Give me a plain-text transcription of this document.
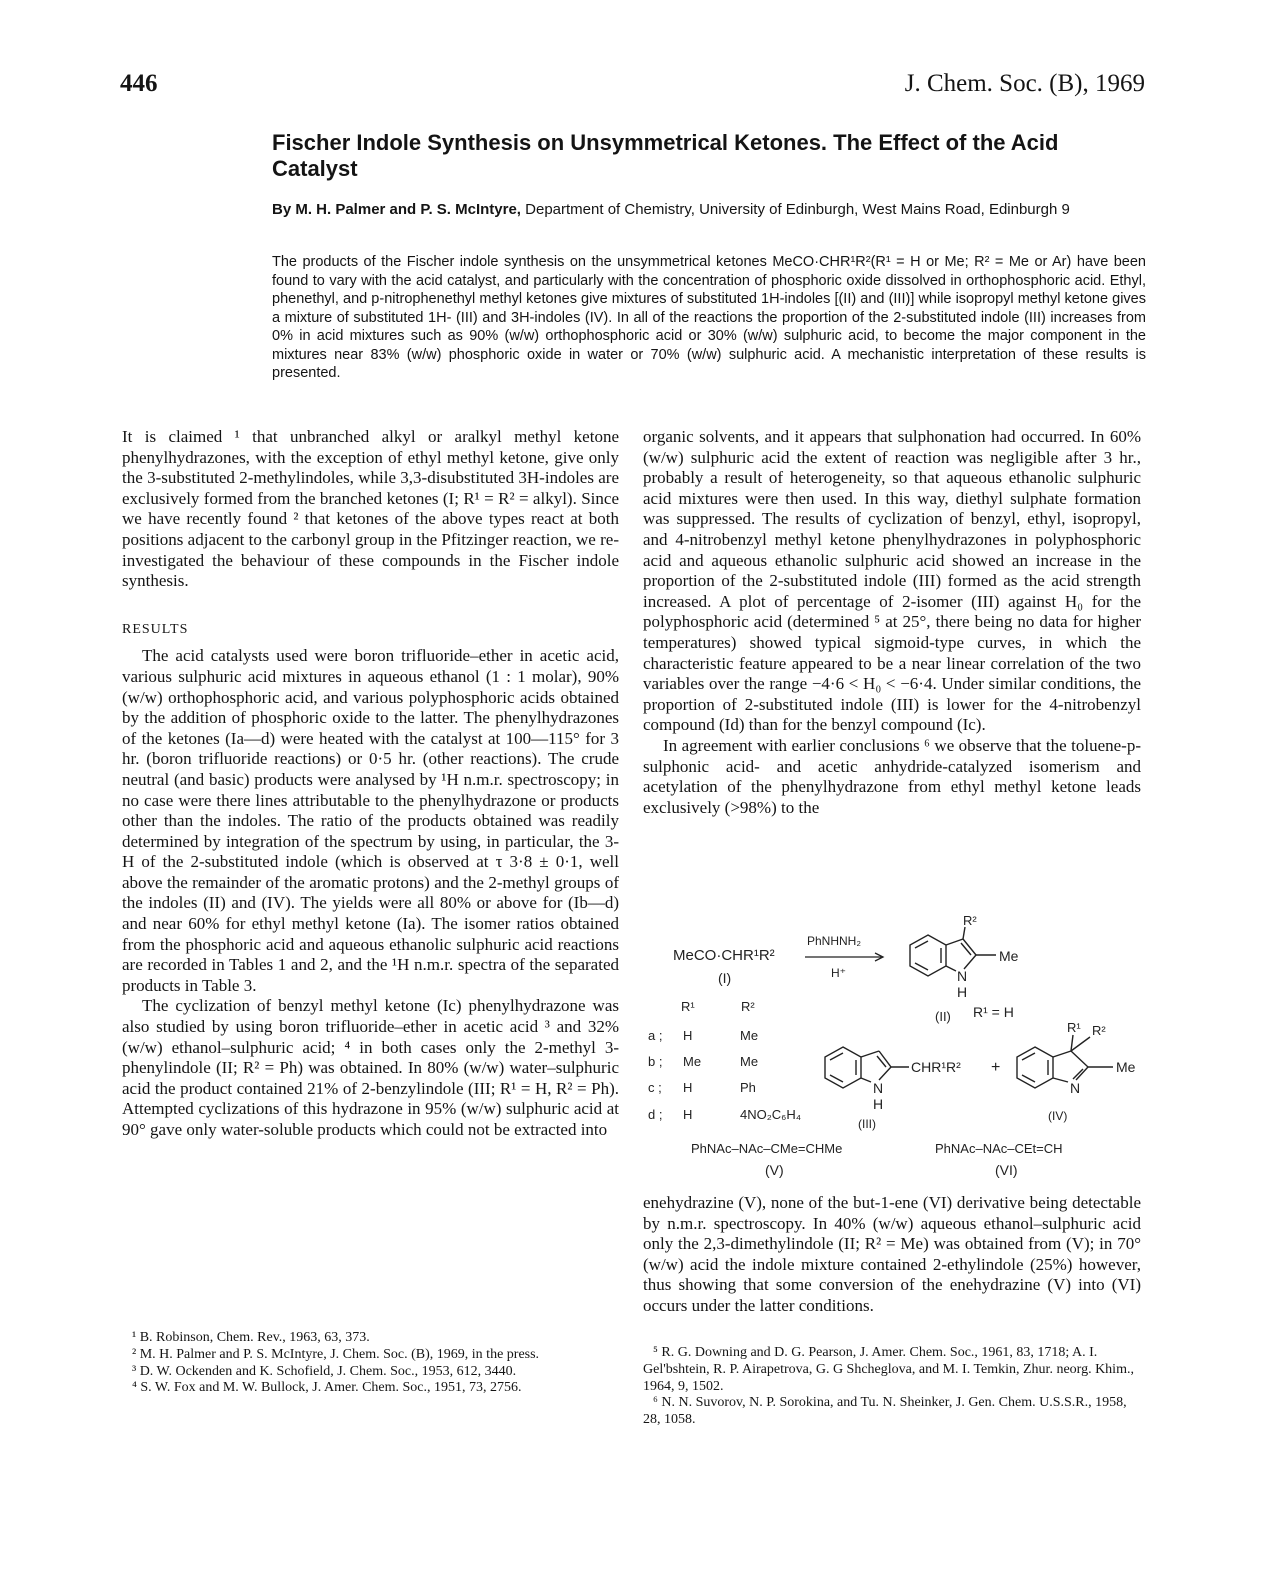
446	J. Chem. Soc. (B), 1969
Fischer Indole Synthesis on Unsymmetrical Ketones. The Effect of the Acid Catalyst
By M. H. Palmer and P. S. McIntyre, Department of Chemistry, University of Edinburgh, West Mains Road, Edinburgh 9
The products of the Fischer indole synthesis on the unsymmetrical ketones MeCO·CHR¹R²(R¹ = H or Me; R² = Me or Ar) have been found to vary with the acid catalyst, and particularly with the concentration of phosphoric oxide dissolved in orthophosphoric acid. Ethyl, phenethyl, and p-nitrophenethyl methyl ketones give mixtures of substituted 1H-indoles [(II) and (III)] while isopropyl methyl ketone gives a mixture of substituted 1H- (III) and 3H-indoles (IV). In all of the reactions the proportion of the 2-substituted indole (III) increases from 0% in acid mixtures such as 90% (w/w) orthophosphoric acid or 30% (w/w) sulphuric acid, to become the major component in the mixtures near 83% (w/w) phosphoric oxide in water or 70% (w/w) sulphuric acid. A mechanistic interpretation of these results is presented.

It is claimed ¹ that unbranched alkyl or aralkyl methyl ketone phenylhydrazones, with the exception of ethyl methyl ketone, give only the 3-substituted 2-methylindoles, while 3,3-disubstituted 3H-indoles are exclusively formed from the branched ketones (I; R¹ = R² = alkyl). Since we have recently found ² that ketones of the above types react at both positions adjacent to the carbonyl group in the Pfitzinger reaction, we re-investigated the behaviour of these compounds in the Fischer indole synthesis.

RESULTS

The acid catalysts used were boron trifluoride–ether in acetic acid, various sulphuric acid mixtures in aqueous ethanol (1 : 1 molar), 90% (w/w) orthophosphoric acid, and various polyphosphoric acids obtained by the addition of phosphoric oxide to the latter. The phenylhydrazones of the ketones (Ia—d) were heated with the catalyst at 100—115° for 3 hr. (boron trifluoride reactions) or 0·5 hr. (other reactions). The crude neutral (and basic) products were analysed by ¹H n.m.r. spectroscopy; in no case were there lines attributable to the phenylhydrazone or products other than the indoles. The ratio of the products obtained was readily determined by integration of the spectrum by using, in particular, the 3-H of the 2-substituted indole (which is observed at τ 3·8 ± 0·1, well above the remainder of the aromatic protons) and the 2-methyl groups of the indoles (II) and (IV). The yields were all 80% or above for (Ib—d) and near 60% for ethyl methyl ketone (Ia). The isomer ratios obtained from the phosphoric acid and aqueous ethanolic sulphuric acid reactions are recorded in Tables 1 and 2, and the ¹H n.m.r. spectra of the separated products in Table 3.

The cyclization of benzyl methyl ketone (Ic) phenylhydrazone was also studied by using boron trifluoride–ether in acetic acid ³ and 32% (w/w) ethanol–sulphuric acid; ⁴ in both cases only the 2-methyl 3-phenylindole (II; R² = Ph) was obtained. In 80% (w/w) water–sulphuric acid the product contained 21% of 2-benzylindole (III; R¹ = H, R² = Ph). Attempted cyclizations of this hydrazone in 95% (w/w) sulphuric acid at 90° gave only water-soluble products which could not be extracted into

organic solvents, and it appears that sulphonation had occurred. In 60% (w/w) sulphuric acid the extent of reaction was negligible after 3 hr., probably a result of heterogeneity, so that aqueous ethanolic sulphuric acid mixtures were then used. In this way, diethyl sulphate formation was suppressed. The results of cyclization of benzyl, ethyl, isopropyl, and 4-nitrobenzyl methyl ketone phenylhydrazones in polyphosphoric acid and aqueous ethanolic sulphuric acid showed an increase in the proportion of the 2-substituted indole (III) formed as the acid strength increased. A plot of percentage of 2-isomer (III) against H₀ for the polyphosphoric acid (determined ⁵ at 25°, there being no data for higher temperatures) showed typical sigmoid-type curves, in which the characteristic feature appeared to be a near linear correlation of the two variables over the range −4·6 < H₀ < −6·4. Under similar conditions, the proportion of 2-substituted indole (III) is lower for the 4-nitrobenzyl compound (Id) than for the benzyl compound (Ic).

In agreement with earlier conclusions ⁶ we observe that the toluene-p-sulphonic acid- and acetic anhydride-catalyzed isomerism and acetylation of the phenylhydrazone from ethyl methyl ketone leads exclusively (>98%) to the

MeCO·CHR¹R²
(I)
PhNHNH₂
H⁺
R²
Me
N
H
(II) R¹ = H
R¹	R²
a ; H	Me
b ; Me	Me
c ; H	Ph
d ; H	4NO₂C₆H₄
CHR¹R²
N
H
(III)
+
R¹ R²
Me
N
(IV)
PhNAc–NAc–CMe=CHMe
(V)
PhNAc–NAc–CEt=CH
(VI)

enehydrazine (V), none of the but-1-ene (VI) derivative being detectable by n.m.r. spectroscopy. In 40% (w/w) aqueous ethanol–sulphuric acid only the 2,3-dimethylindole (II; R² = Me) was obtained from (V); in 70° (w/w) acid the indole mixture contained 2-ethylindole (25%) however, thus showing that some conversion of the enehydrazine (V) into (VI) occurs under the latter conditions.

¹ B. Robinson, Chem. Rev., 1963, 63, 373.

² M. H. Palmer and P. S. McIntyre, J. Chem. Soc. (B), 1969, in the press.

³ D. W. Ockenden and K. Schofield, J. Chem. Soc., 1953, 612, 3440.

⁴ S. W. Fox and M. W. Bullock, J. Amer. Chem. Soc., 1951, 73, 2756.

⁵ R. G. Downing and D. G. Pearson, J. Amer. Chem. Soc., 1961, 83, 1718; A. I. Gel'bshtein, R. P. Airapetrova, G. G Shcheglova, and M. I. Temkin, Zhur. neorg. Khim., 1964, 9, 1502.

⁶ N. N. Suvorov, N. P. Sorokina, and Tu. N. Sheinker, J. Gen. Chem. U.S.S.R., 1958, 28, 1058.
